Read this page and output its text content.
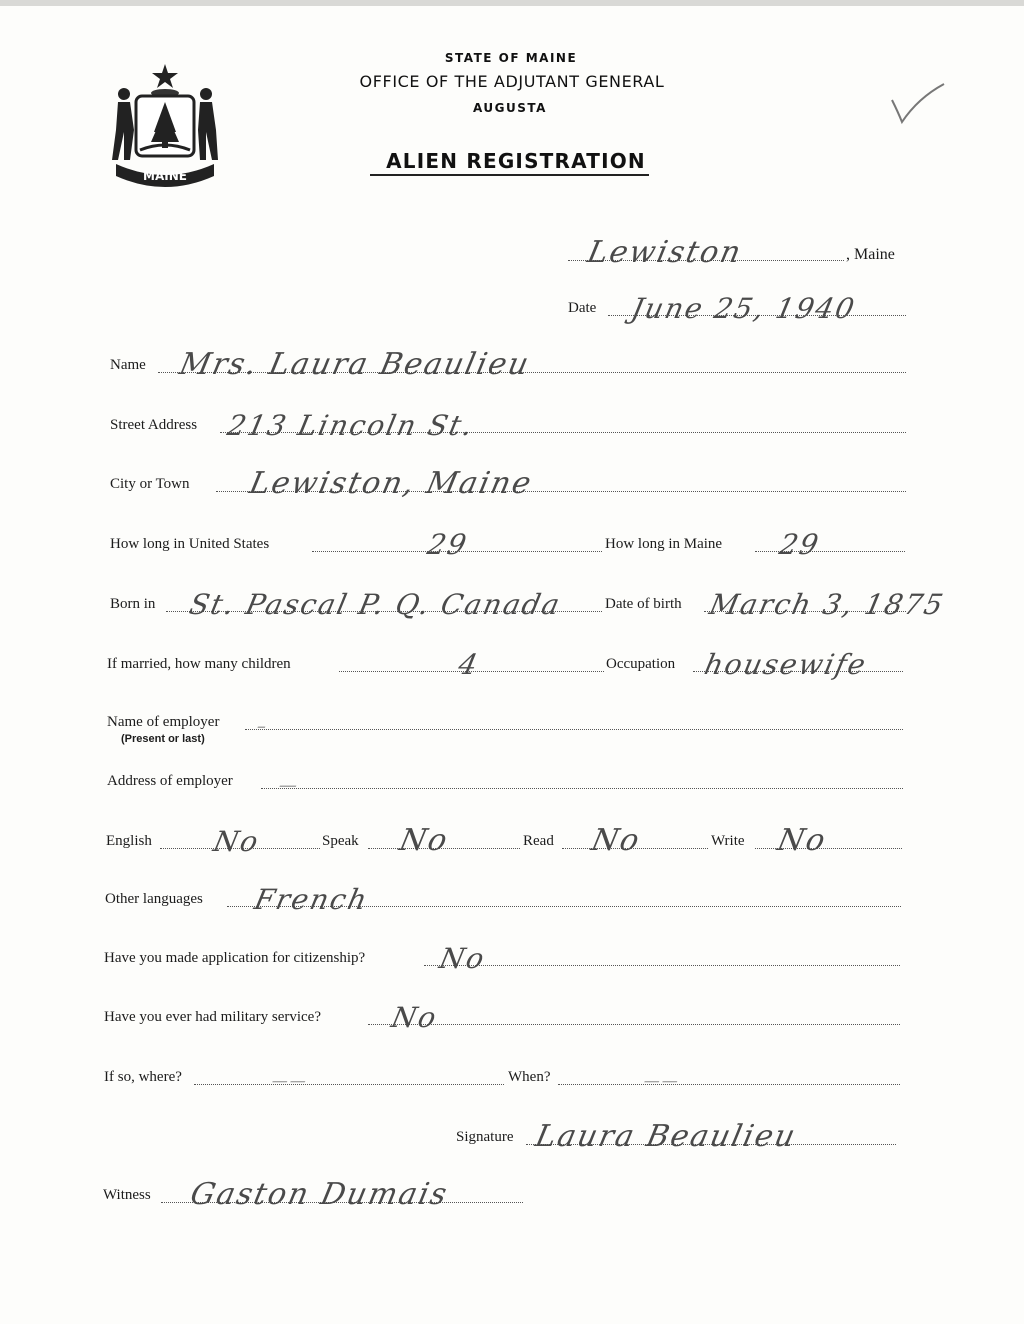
MAINE
STATE OF MAINE
OFFICE OF THE ADJUTANT GENERAL
AUGUSTA
ALIEN REGISTRATION
Lewiston	, Maine
Date June 25, 1940
Name Mrs. Laura Beaulieu
Street Address 213 Lincoln St.
City or Town Lewiston, Maine
How long in United States	29	How long in Maine 29
Born in St. Pascal P. Q. Canada	Date of birth March 3, 1875
If married, how many children	4	Occupation housewife
Name of employer –
(Present or last)
Address of employer —
English No	Speak No	Read No	Write No
Other languages French
Have you made application for citizenship?	No
Have you ever had military service? No
If so, where?	——	When?	——
Signature Laura Beaulieu
Witness Gaston Dumais
